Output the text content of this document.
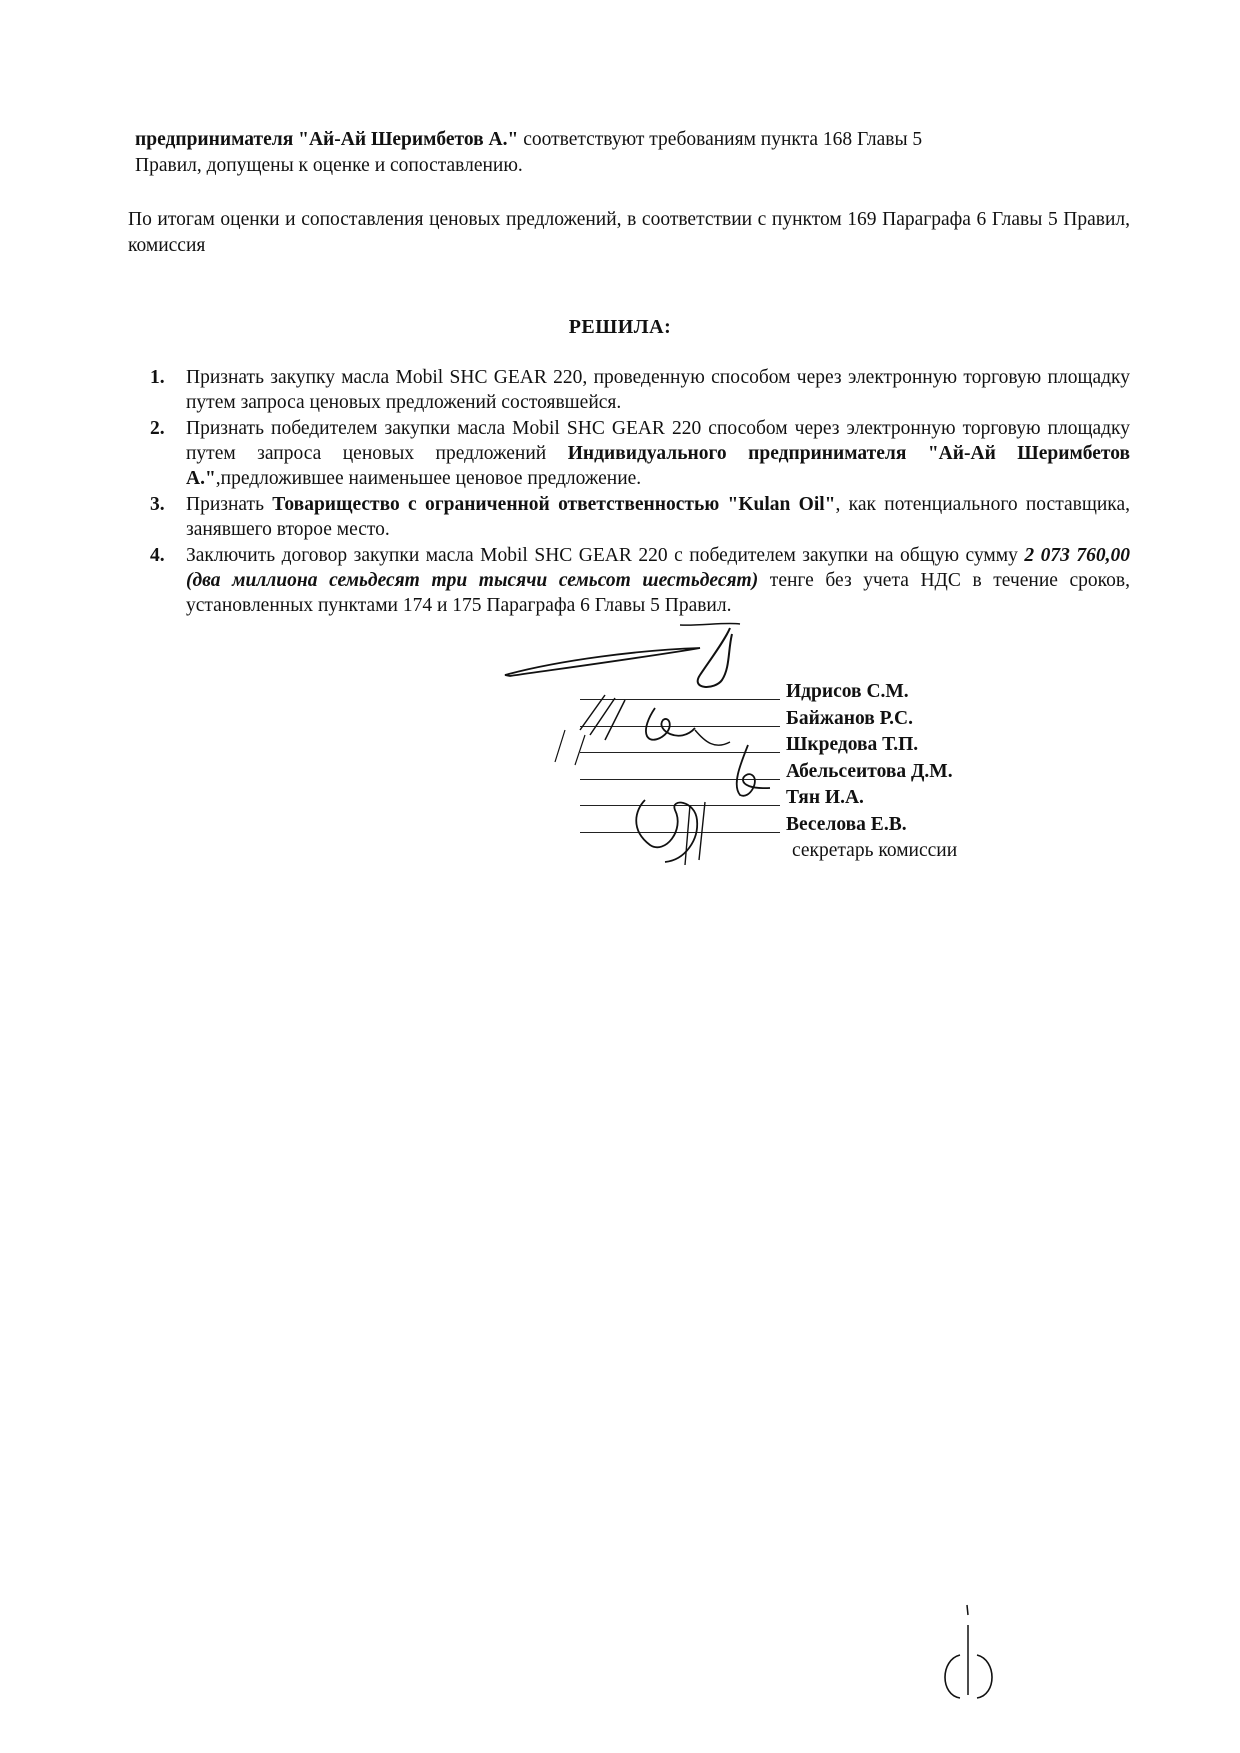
предпринимателя "Ай-Ай Шеримбетов А." соответствуют требованиям пункта 168 Главы 5
Правил, допущены к оценке и сопоставлению.

По итогам оценки и сопоставления ценовых предложений, в соответствии с пунктом 169 Параграфа 6 Главы 5 Правил, комиссия

РЕШИЛА:
1. Признать закупку масла Mobil SHC GEAR 220, проведенную способом через электронную торговую площадку путем запроса ценовых предложений состоявшейся.
2. Признать победителем закупки масла Mobil SHC GEAR 220 способом через электронную торговую площадку путем запроса ценовых предложений Индивидуального предпринимателя "Ай-Ай Шеримбетов А.",предложившее наименьшее ценовое предложение.
3. Признать Товарищество с ограниченной ответственностью "Kulan Oil", как потенциального поставщика, занявшего второе место.
4. Заключить договор закупки масла Mobil SHC GEAR 220 с победителем закупки на общую сумму 2 073 760,00 (два миллиона семьдесят три тысячи семьсот шестьдесят) тенге без учета НДС в течение сроков, установленных пунктами 174 и 175 Параграфа 6 Главы 5 Правил.
Идрисов С.М.
Байжанов Р.С.
Шкредова Т.П.
Абельсеитова Д.М.
Тян И.А.
Веселова Е.В.
секретарь комиссии
